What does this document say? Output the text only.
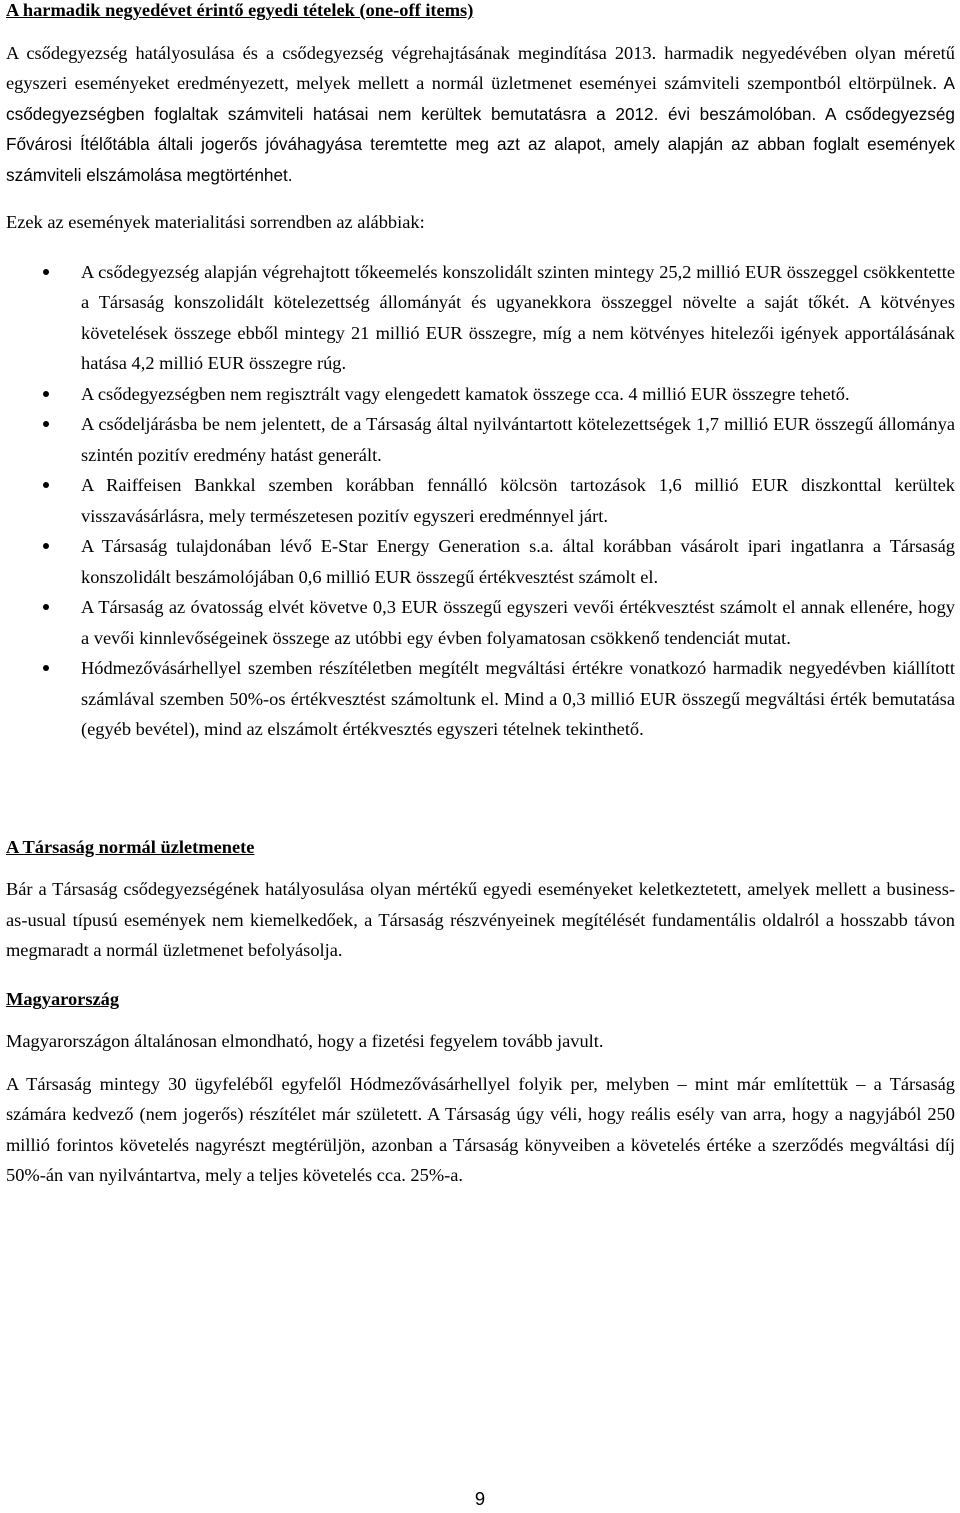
A harmadik negyedévet érintő egyedi tételek (one-off items)

A csődegyezség hatályosulása és a csődegyezség végrehajtásának megindítása 2013. harmadik negyedévében olyan méretű egyszeri eseményeket eredményezett, melyek mellett a normál üzletmenet eseményei számviteli szempontból eltörpülnek. A csődegyezségben foglaltak számviteli hatásai nem kerültek bemutatásra a 2012. évi beszámolóban. A csődegyezség Fővárosi Ítélőtábla általi jogerős jóváhagyása teremtette meg azt az alapot, amely alapján az abban foglalt események számviteli elszámolása megtörténhet.

Ezek az események materialitási sorrendben az alábbiak:

A csődegyezség alapján végrehajtott tőkeemelés konszolidált szinten mintegy 25,2 millió EUR összeggel csökkentette a Társaság konszolidált kötelezettség állományát és ugyanekkora összeggel növelte a saját tőkét. A kötvényes követelések összege ebből mintegy 21 millió EUR összegre, míg a nem kötvényes hitelezői igények apportálásának hatása 4,2 millió EUR összegre rúg.
A csődegyezségben nem regisztrált vagy elengedett kamatok összege cca. 4 millió EUR összegre tehető.
A csődeljárásba be nem jelentett, de a Társaság által nyilvántartott kötelezettségek 1,7 millió EUR összegű állománya szintén pozitív eredmény hatást generált.
A Raiffeisen Bankkal szemben korábban fennálló kölcsön tartozások 1,6 millió EUR diszkonttal kerültek visszavásárlásra, mely természetesen pozitív egyszeri eredménnyel járt.
A Társaság tulajdonában lévő E-Star Energy Generation s.a. által korábban vásárolt ipari ingatlanra a Társaság konszolidált beszámolójában 0,6 millió EUR összegű értékvesztést számolt el.
A Társaság az óvatosság elvét követve 0,3 EUR összegű egyszeri vevői értékvesztést számolt el annak ellenére, hogy a vevői kinnlevőségeinek összege az utóbbi egy évben folyamatosan csökkenő tendenciát mutat.
Hódmezővásárhellyel szemben részítéletben megítélt megváltási értékre vonatkozó harmadik negyedévben kiállított számlával szemben 50%-os értékvesztést számoltunk el. Mind a 0,3 millió EUR összegű megváltási érték bemutatása (egyéb bevétel), mind az elszámolt értékvesztés egyszeri tételnek tekinthető.
A Társaság normál üzletmenete

Bár a Társaság csődegyezségének hatályosulása olyan mértékű egyedi eseményeket keletkeztetett, amelyek mellett a business-as-usual típusú események nem kiemelkedőek, a Társaság részvényeinek megítélését fundamentális oldalról a hosszabb távon megmaradt a normál üzletmenet befolyásolja.

Magyarország

Magyarországon általánosan elmondható, hogy a fizetési fegyelem tovább javult.

A Társaság mintegy 30 ügyfeléből egyfelől Hódmezővásárhellyel folyik per, melyben – mint már említettük – a Társaság számára kedvező (nem jogerős) részítélet már született. A Társaság úgy véli, hogy reális esély van arra, hogy a nagyjából 250 millió forintos követelés nagyrészt megtérüljön, azonban a Társaság könyveiben a követelés értéke a szerződés megváltási díj 50%-án van nyilvántartva, mely a teljes követelés cca. 25%-a.

9
